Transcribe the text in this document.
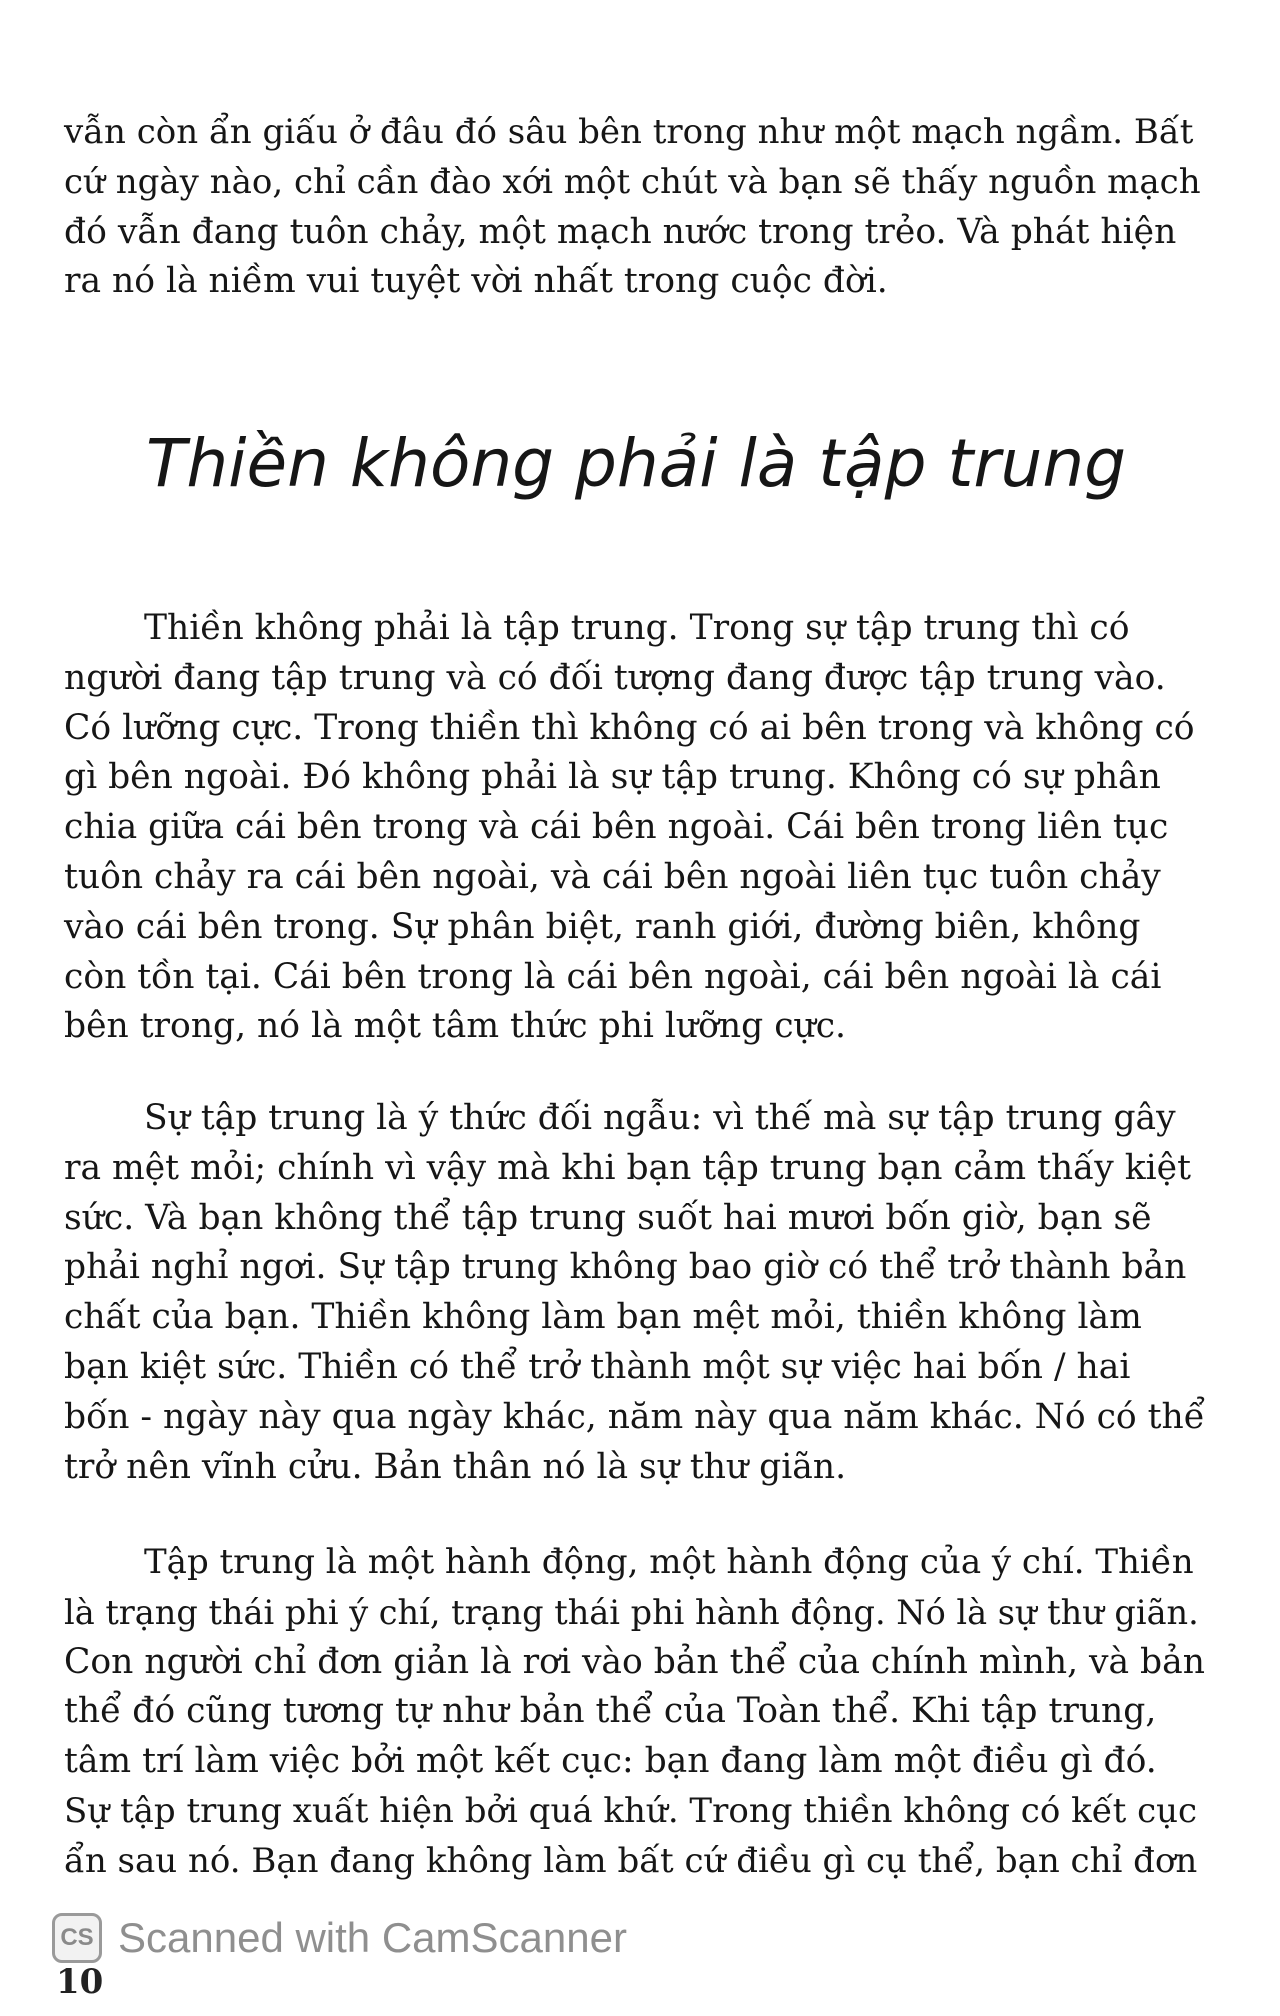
vẫn còn ẩn giấu ở đâu đó sâu bên trong như một mạch ngầm. Bất
cứ ngày nào, chỉ cần đào xới một chút và bạn sẽ thấy nguồn mạch
đó vẫn đang tuôn chảy, một mạch nước trong trẻo. Và phát hiện
ra nó là niềm vui tuyệt vời nhất trong cuộc đời.

Thiền không phải là tập trung

Thiền không phải là tập trung. Trong sự tập trung thì có
người đang tập trung và có đối tượng đang được tập trung vào.
Có lưỡng cực. Trong thiền thì không có ai bên trong và không có
gì bên ngoài. Đó không phải là sự tập trung. Không có sự phân
chia giữa cái bên trong và cái bên ngoài. Cái bên trong liên tục
tuôn chảy ra cái bên ngoài, và cái bên ngoài liên tục tuôn chảy
vào cái bên trong. Sự phân biệt, ranh giới, đường biên, không
còn tồn tại. Cái bên trong là cái bên ngoài, cái bên ngoài là cái
bên trong, nó là một tâm thức phi lưỡng cực.

Sự tập trung là ý thức đối ngẫu: vì thế mà sự tập trung gây
ra mệt mỏi; chính vì vậy mà khi bạn tập trung bạn cảm thấy kiệt
sức. Và bạn không thể tập trung suốt hai mươi bốn giờ, bạn sẽ
phải nghỉ ngơi. Sự tập trung không bao giờ có thể trở thành bản
chất của bạn. Thiền không làm bạn mệt mỏi, thiền không làm
bạn kiệt sức. Thiền có thể trở thành một sự việc hai bốn / hai
bốn - ngày này qua ngày khác, năm này qua năm khác. Nó có thể
trở nên vĩnh cửu. Bản thân nó là sự thư giãn.

Tập trung là một hành động, một hành động của ý chí. Thiền
là trạng thái phi ý chí, trạng thái phi hành động. Nó là sự thư giãn.
Con người chỉ đơn giản là rơi vào bản thể của chính mình, và bản
thể đó cũng tương tự như bản thể của Toàn thể. Khi tập trung,
tâm trí làm việc bởi một kết cục: bạn đang làm một điều gì đó.
Sự tập trung xuất hiện bởi quá khứ. Trong thiền không có kết cục
ẩn sau nó. Bạn đang không làm bất cứ điều gì cụ thể, bạn chỉ đơn

CS Scanned with CamScanner
10
